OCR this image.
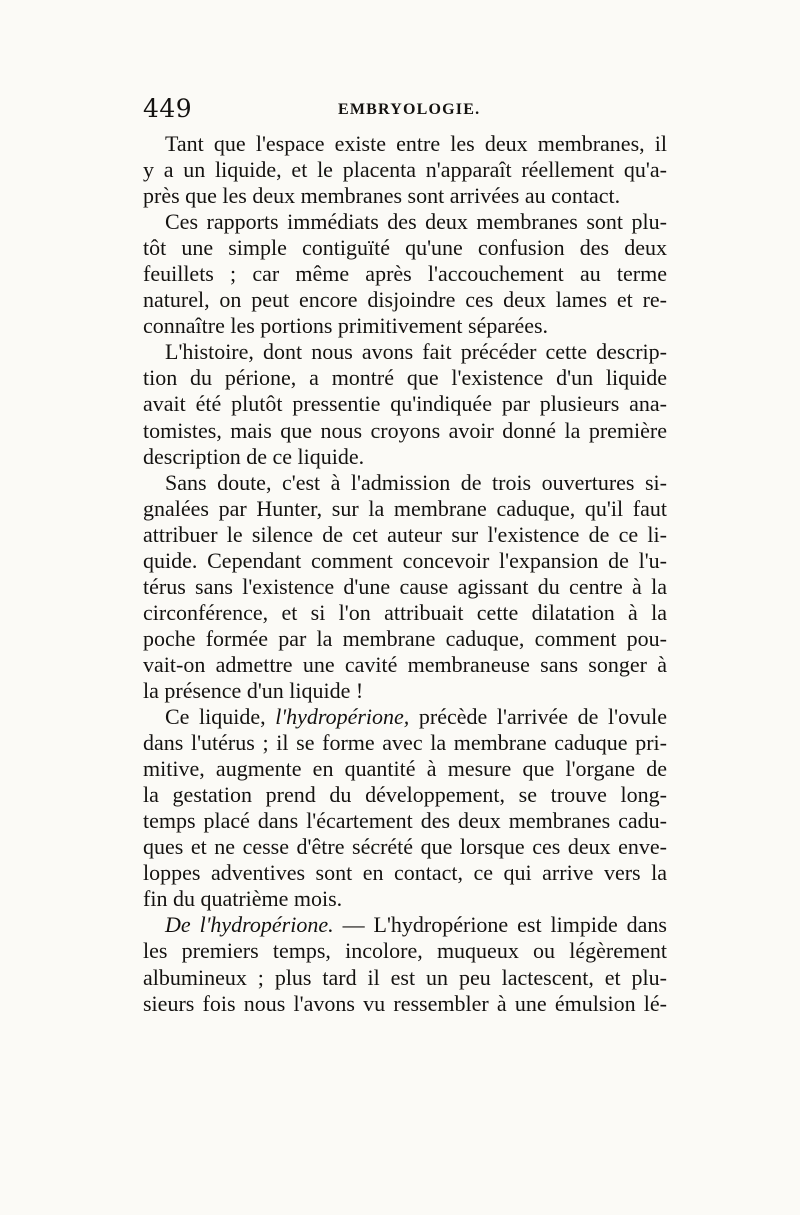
449	EMBRYOLOGIE.
Tant que l'espace existe entre les deux membranes, il
y a un liquide, et le placenta n'apparaît réellement qu'a-
près que les deux membranes sont arrivées au contact.
Ces rapports immédiats des deux membranes sont plu-
tôt une simple contiguïté qu'une confusion des deux
feuillets ; car même après l'accouchement au terme
naturel, on peut encore disjoindre ces deux lames et re-
connaître les portions primitivement séparées.
L'histoire, dont nous avons fait précéder cette descrip-
tion du périone, a montré que l'existence d'un liquide
avait été plutôt pressentie qu'indiquée par plusieurs ana-
tomistes, mais que nous croyons avoir donné la première
description de ce liquide.
Sans doute, c'est à l'admission de trois ouvertures si-
gnalées par Hunter, sur la membrane caduque, qu'il faut
attribuer le silence de cet auteur sur l'existence de ce li-
quide. Cependant comment concevoir l'expansion de l'u-
térus sans l'existence d'une cause agissant du centre à la
circonférence, et si l'on attribuait cette dilatation à la
poche formée par la membrane caduque, comment pou-
vait-on admettre une cavité membraneuse sans songer à
la présence d'un liquide !
Ce liquide, l'hydropérione, précède l'arrivée de l'ovule
dans l'utérus ; il se forme avec la membrane caduque pri-
mitive, augmente en quantité à mesure que l'organe de
la gestation prend du développement, se trouve long-
temps placé dans l'écartement des deux membranes cadu-
ques et ne cesse d'être sécrété que lorsque ces deux enve-
loppes adventives sont en contact, ce qui arrive vers la
fin du quatrième mois.
De l'hydropérione. — L'hydropérione est limpide dans
les premiers temps, incolore, muqueux ou légèrement
albumineux ; plus tard il est un peu lactescent, et plu-
sieurs fois nous l'avons vu ressembler à une émulsion lé-
